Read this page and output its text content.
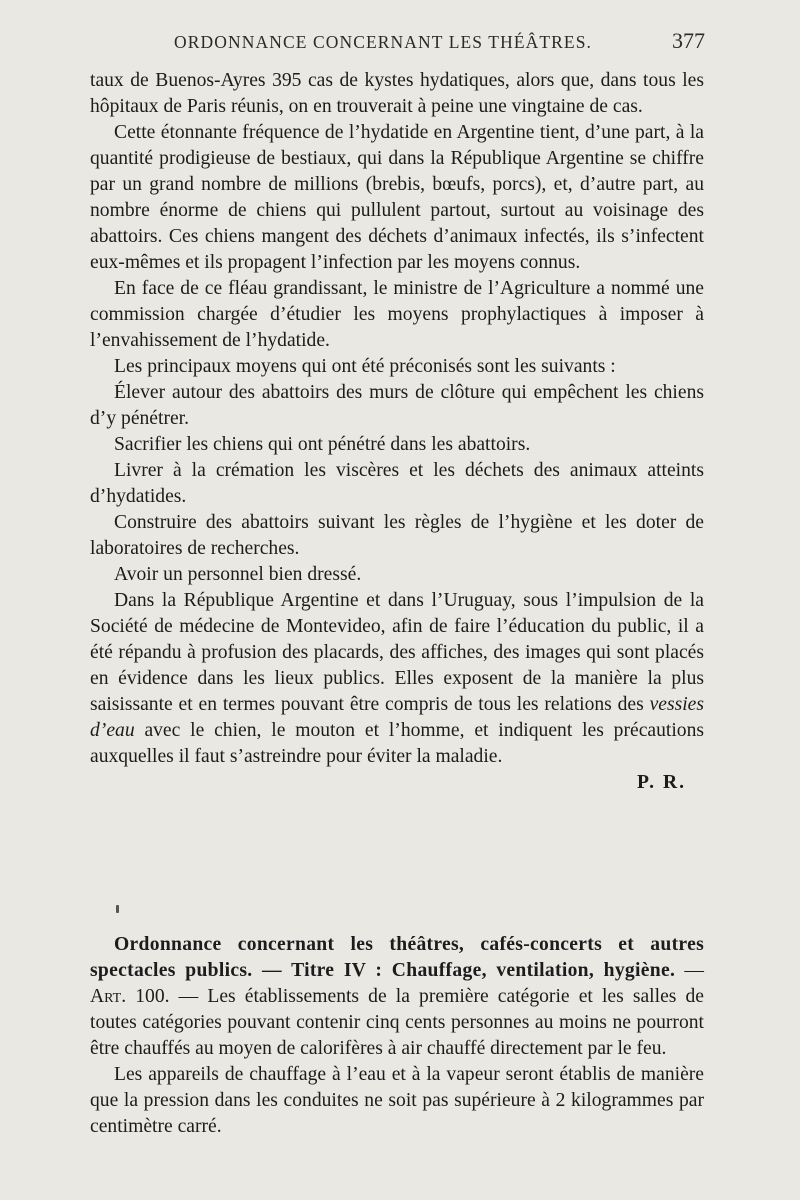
ORDONNANCE CONCERNANT LES THÉÂTRES.	377

taux de Buenos-Ayres 395 cas de kystes hydatiques, alors que, dans tous les hôpitaux de Paris réunis, on en trouverait à peine une vingtaine de cas.

Cette étonnante fréquence de l’hydatide en Argentine tient, d’une part, à la quantité prodigieuse de bestiaux, qui dans la République Argentine se chiffre par un grand nombre de millions (brebis, bœufs, porcs), et, d’autre part, au nombre énorme de chiens qui pullulent partout, surtout au voisinage des abattoirs. Ces chiens mangent des déchets d’animaux infectés, ils s’infectent eux-mêmes et ils propagent l’infection par les moyens connus.

En face de ce fléau grandissant, le ministre de l’Agriculture a nommé une commission chargée d’étudier les moyens prophylactiques à imposer à l’envahissement de l’hydatide.

Les principaux moyens qui ont été préconisés sont les suivants :

Élever autour des abattoirs des murs de clôture qui empêchent les chiens d’y pénétrer.

Sacrifier les chiens qui ont pénétré dans les abattoirs.

Livrer à la crémation les viscères et les déchets des animaux atteints d’hydatides.

Construire des abattoirs suivant les règles de l’hygiène et les doter de laboratoires de recherches.

Avoir un personnel bien dressé.

Dans la République Argentine et dans l’Uruguay, sous l’impulsion de la Société de médecine de Montevideo, afin de faire l’éducation du public, il a été répandu à profusion des placards, des affiches, des images qui sont placés en évidence dans les lieux publics. Elles exposent de la manière la plus saisissante et en termes pouvant être compris de tous les relations des vessies d’eau avec le chien, le mouton et l’homme, et indiquent les précautions auxquelles il faut s’astreindre pour éviter la maladie.

P. R.

Ordonnance concernant les théâtres, cafés-concerts et autres spectacles publics. — Titre IV : Chauffage, ventilation, hygiène. — Art. 100. — Les établissements de la première catégorie et les salles de toutes catégories pouvant contenir cinq cents personnes au moins ne pourront être chauffés au moyen de calorifères à air chauffé directement par le feu.

Les appareils de chauffage à l’eau et à la vapeur seront établis de manière que la pression dans les conduites ne soit pas supérieure à 2 kilogrammes par centimètre carré.
